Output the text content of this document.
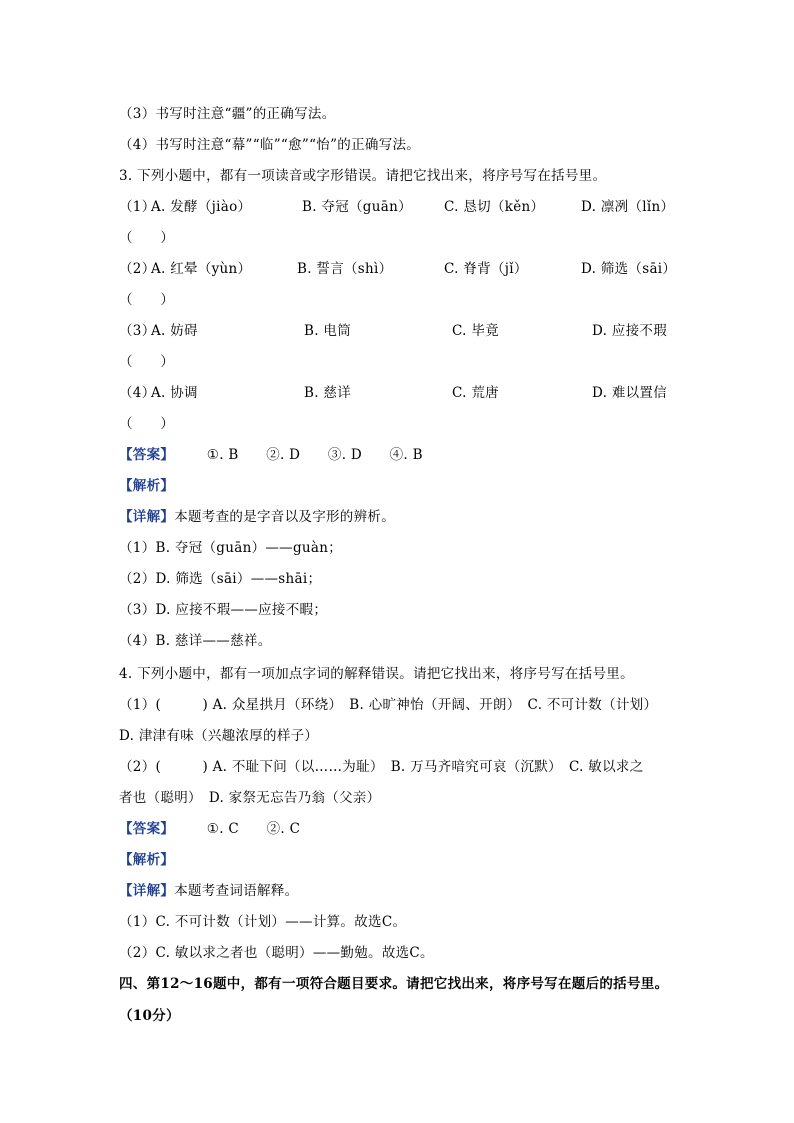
（3）书写时注意“疆”的正确写法。
（4）书写时注意“幕”“临”“愈”“怡”的正确写法。
3. 下列小题中，都有一项读音或字形错误。请把它找出来，将序号写在括号里。
（1）
A. 发酵（jiào）	B. 夺冠（guān） C. 恳切（kěn）	D. 凛冽（lǐn）
（　　）
（2）
A. 红晕（yùn）	B. 誓言（shì）	C. 脊背（jǐ）	D. 筛选（sāi）
（　　）
（3）
A. 妨碍	B. 电筒	C. 毕竟	D. 应接不瑕
（　　）
（4）
A. 协调	B. 慈详	C. 荒唐	D. 难以置信
（　　）
【答案】 ①. B　　②. D　　③. D　　④. B
【解析】
【详解】本题考查的是字音以及字形的辨析。
（1）B. 夺冠（guān）——guàn；
（2）D. 筛选（sāi）——shāi；
（3）D. 应接不瑕——应接不暇；
（4）B. 慈详——慈祥。
4. 下列小题中，都有一项加点字词的解释错误。请把它找出来，将序号写在括号里。
（1）(　　　) A. 众星拱月（环绕）　B. 心旷神怡（开阔、开朗）　C. 不可计数（计划）
D. 津津有味（兴趣浓厚的样子）
（2）(　　　) A. 不耻下问（以……为耻）　B. 万马齐喑究可哀（沉默）　C. 敏以求之
者也（聪明）　D. 家祭无忘告乃翁（父亲）
【答案】 ①. C　　②. C
【解析】
【详解】本题考查词语解释。
（1）C. 不可计数（计划）——计算。故选C。
（2）C. 敏以求之者也（聪明）——勤勉。故选C。
四、第12～16题中，都有一项符合题目要求。请把它找出来，将序号写在题后的括号里。
（10分）
